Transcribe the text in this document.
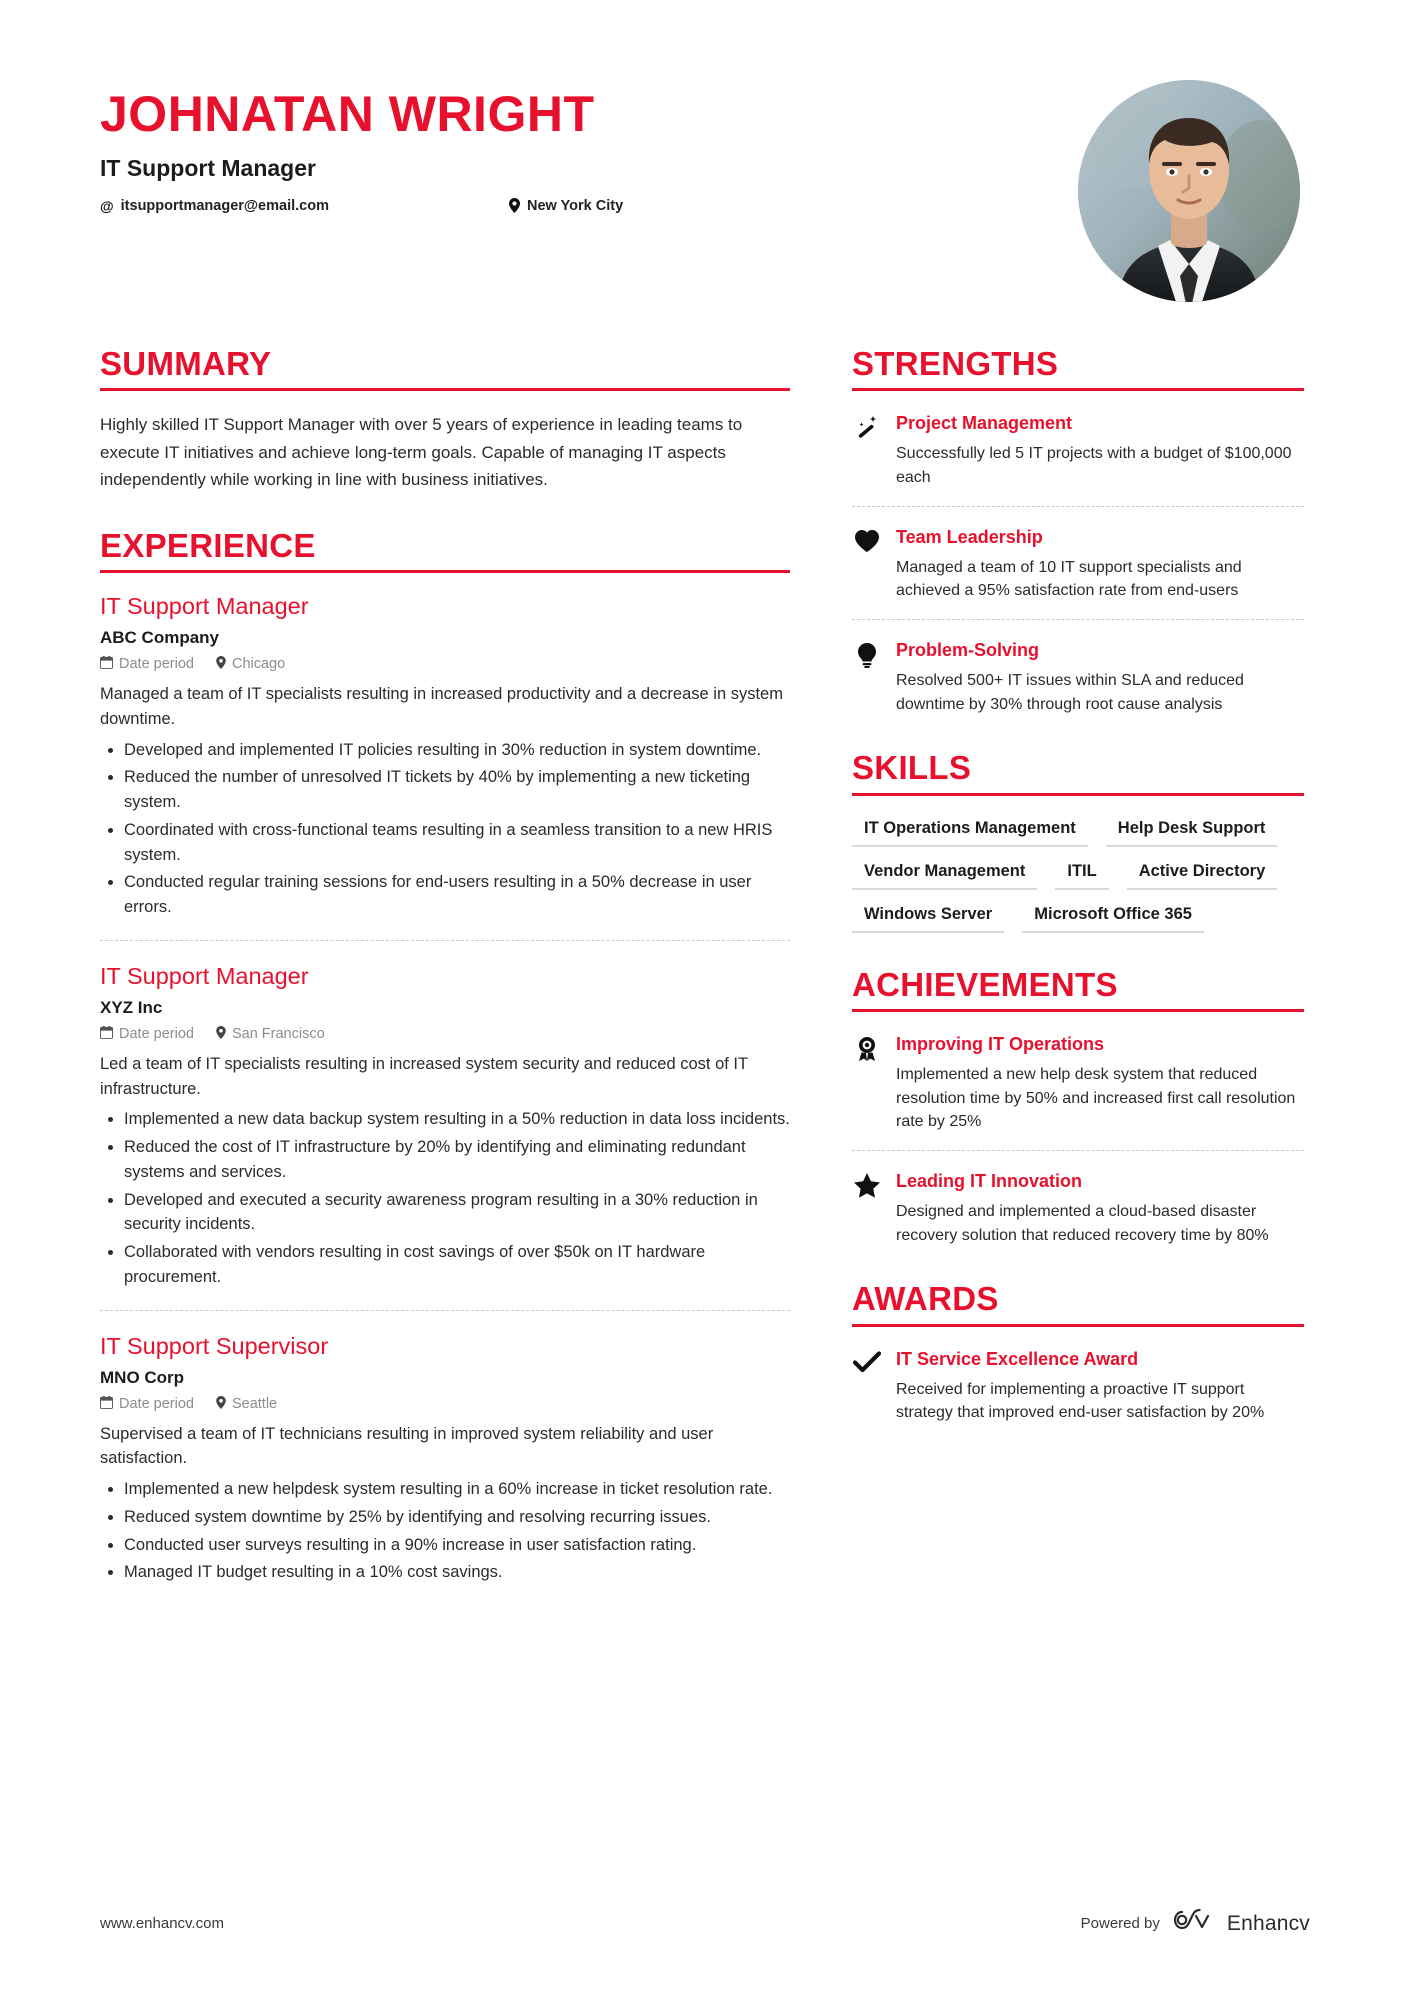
JOHNATAN WRIGHT
IT Support Manager
@ itsupportmanager@email.com	New York City
SUMMARY
Highly skilled IT Support Manager with over 5 years of experience in leading teams to execute IT initiatives and achieve long-term goals. Capable of managing IT aspects independently while working in line with business initiatives.
EXPERIENCE
IT Support Manager
ABC Company
Date period	Chicago
Managed a team of IT specialists resulting in increased productivity and a decrease in system downtime.
• Developed and implemented IT policies resulting in 30% reduction in system downtime.
• Reduced the number of unresolved IT tickets by 40% by implementing a new ticketing system.
• Coordinated with cross-functional teams resulting in a seamless transition to a new HRIS system.
• Conducted regular training sessions for end-users resulting in a 50% decrease in user errors.
IT Support Manager
XYZ Inc
Date period	San Francisco
Led a team of IT specialists resulting in increased system security and reduced cost of IT infrastructure.
• Implemented a new data backup system resulting in a 50% reduction in data loss incidents.
• Reduced the cost of IT infrastructure by 20% by identifying and eliminating redundant systems and services.
• Developed and executed a security awareness program resulting in a 30% reduction in security incidents.
• Collaborated with vendors resulting in cost savings of over $50k on IT hardware procurement.
IT Support Supervisor
MNO Corp
Date period	Seattle
Supervised a team of IT technicians resulting in improved system reliability and user satisfaction.
• Implemented a new helpdesk system resulting in a 60% increase in ticket resolution rate.
• Reduced system downtime by 25% by identifying and resolving recurring issues.
• Conducted user surveys resulting in a 90% increase in user satisfaction rating.
• Managed IT budget resulting in a 10% cost savings.
STRENGTHS
Project Management
Successfully led 5 IT projects with a budget of $100,000 each
Team Leadership
Managed a team of 10 IT support specialists and achieved a 95% satisfaction rate from end-users
Problem-Solving
Resolved 500+ IT issues within SLA and reduced downtime by 30% through root cause analysis
SKILLS
IT Operations Management	Help Desk Support
Vendor Management	ITIL	Active Directory
Windows Server	Microsoft Office 365
ACHIEVEMENTS
Improving IT Operations
Implemented a new help desk system that reduced resolution time by 50% and increased first call resolution rate by 25%
Leading IT Innovation
Designed and implemented a cloud-based disaster recovery solution that reduced recovery time by 80%
AWARDS
IT Service Excellence Award
Received for implementing a proactive IT support strategy that improved end-user satisfaction by 20%
www.enhancv.com	Powered by	Enhancv
